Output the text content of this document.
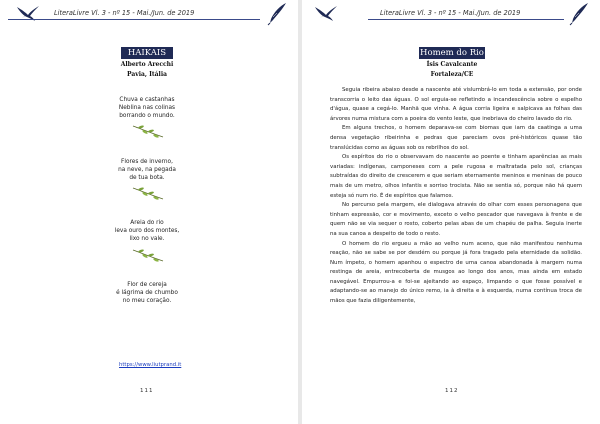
LiteraLivre Vl. 3 - nº 15 - Mai./Jun. de 2019
HAIKAIS
Alberto Arecchi
Pavia, Itália
Chuva e castanhas
Neblina nas colinas
borrando o mundo.
Flores de inverno,
na neve, na pegada
de tua bota.
Areia do rio
leva ouro dos montes,
lixo no vale.
Flor de cereja
é lágrima de chumbo
no meu coração.
https://www.liutprand.it
111
LiteraLivre Vl. 3 - nº 15 - Mai./Jun. de 2019
Homem do Rio
Ísis Cavalcante
Fortaleza/CE

Seguia ribeira abaixo desde a nascente até vislumbrá-lo em toda a extensão, por onde transcorria o leito das águas. O sol erguia-se refletindo a incandescência sobre o espelho d'água, quase a cegá-lo. Manhã que vinha. A água corria ligeira e salpicava as folhas das árvores numa mistura com a poeira do vento leste, que inebriava do cheiro lavado do rio.

Em alguns trechos, o homem deparava-se com biomas que iam da caatinga a uma densa vegetação ribeirinha e pedras que pareciam ovos pré-históricos quase tão translúcidas como as águas sob os rebrilhos do sol.

Os espíritos do rio o observavam do nascente ao poente e tinham aparências as mais variadas: indígenas, camponeses com a pele rugosa e maltratada pelo sol, crianças subtraídas do direito de crescerem e que seriam eternamente meninos e meninas de pouco mais de um metro, olhos infantis e sorriso trocista. Não se sentia só, porque não há quem esteja só num rio. É de espíritos que falamos.

No percurso pela margem, ele dialogava através do olhar com esses personagens que tinham expressão, cor e movimento, exceto o velho pescador que navegava à frente e de quem não se via sequer o rosto, coberto pelas abas de um chapéu de palha. Seguia inerte na sua canoa a despeito de todo o resto.

O homem do rio ergueu a mão ao velho num aceno, que não manifestou nenhuma reação, não se sabe se por desdém ou porque já fora tragado pela eternidade da solidão. Num ímpeto, o homem apanhou o espectro de uma canoa abandonada à margem numa restinga de areia, entrecoberta de musgos ao longo dos anos, mas ainda em estado navegável. Empurrou-a e foi-se ajeitando ao espaço, limpando o que fosse possível e adaptando-se ao manejo do único remo, ia à direita e à esquerda, numa contínua troca de mãos que fazia diligentemente,

112
